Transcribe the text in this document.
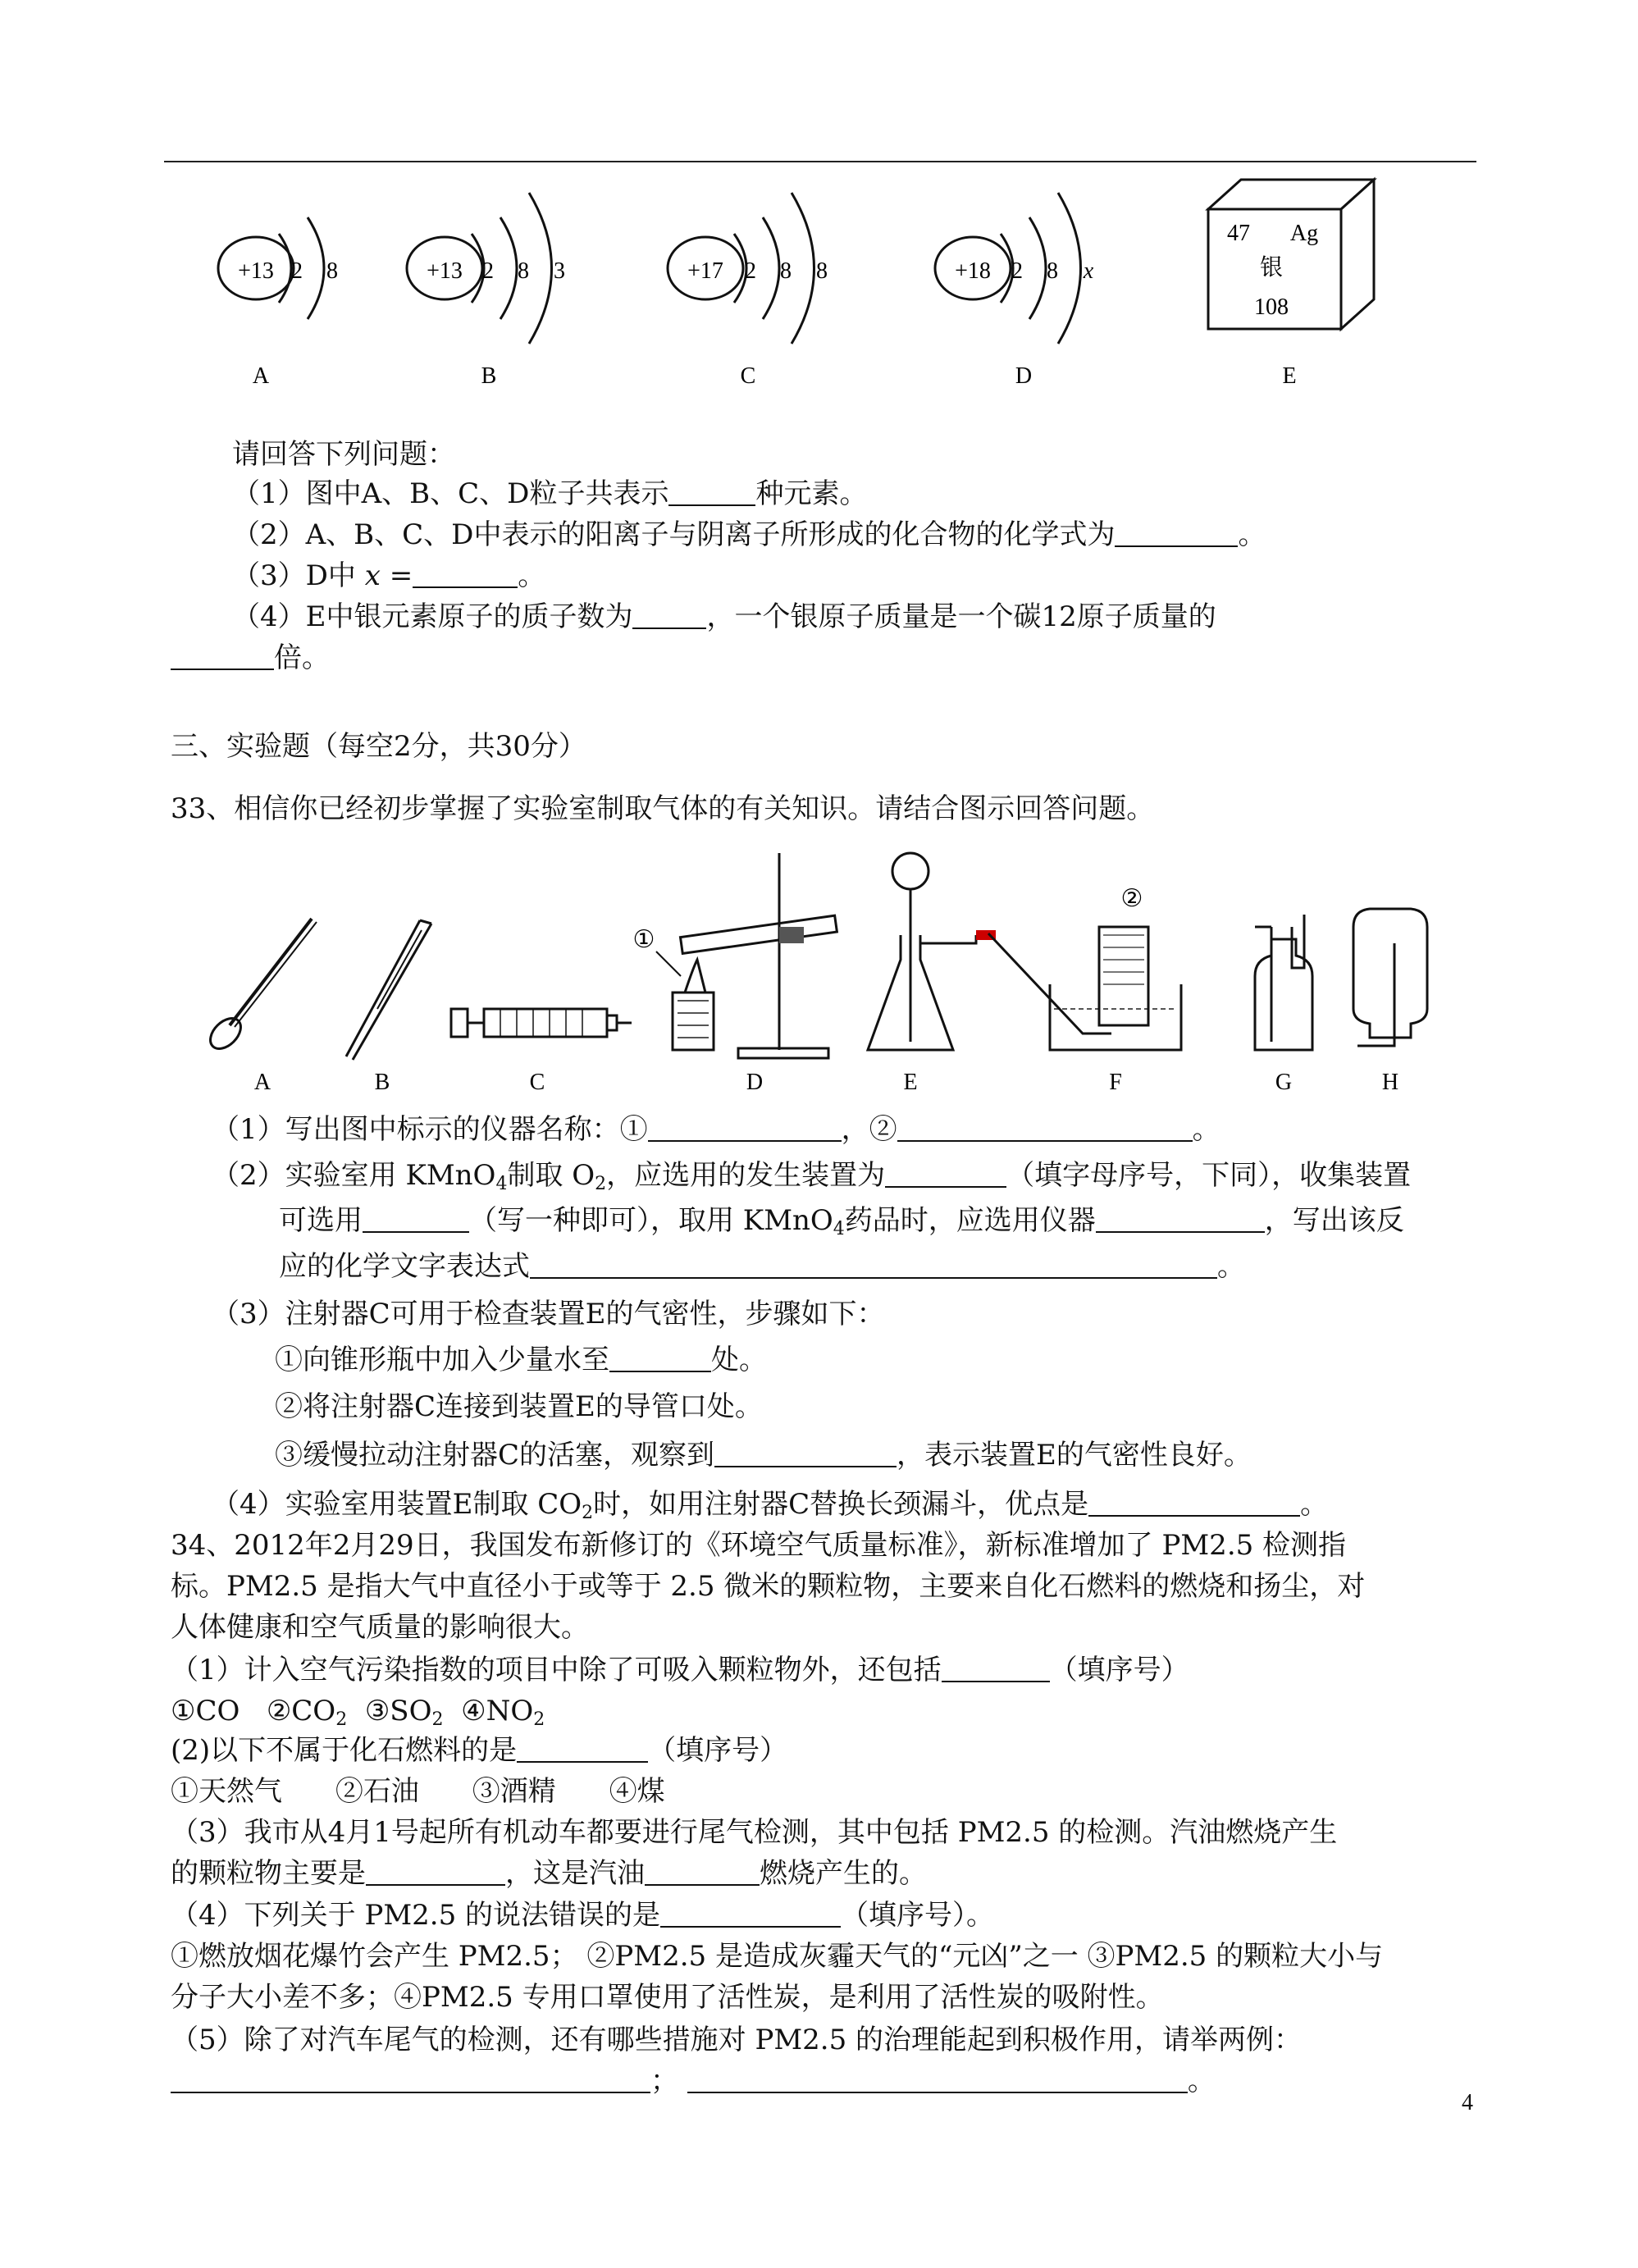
+13 2 8
A
+13 2 8 3
B
+17 2 8 8
C
+18 2 8 x
D
47 Ag
银
108
E
请回答下列问题：
（1）图中A、B、C、D粒子共表示	种元素。
（2）A、B、C、D中表示的阳离子与阴离子所形成的化合物的化学式为	。
（3）D中 x =	。
（4）E中银元素原子的质子数为	，一个银原子质量是一个碳12原子质量的
倍。
三、实验题（每空2分，共30分）
33、相信你已经初步掌握了实验室制取气体的有关知识。请结合图示回答问题。
A	B	C
①
D	E
②
F	G	H
（1）写出图中标示的仪器名称：①	，②	。
（2）实验室用 KMnO$_4$制取 $O_2$，应选用的发生装置为	（填字母序号，下同），收集装置
可选用	（写一种即可），取用 KMnO$_4$药品时，应选用仪器	，写出该反
应的化学文字表达式	。
（3）注射器C可用于检查装置E的气密性，步骤如下：
①向锥形瓶中加入少量水至	处。
②将注射器C连接到装置E的导管口处。
③缓慢拉动注射器C的活塞，观察到	，表示装置E的气密性良好。
（4）实验室用装置E制取 $CO_2$时，如用注射器C替换长颈漏斗，优点是	。
34、2012年2月29日，我国发布新修订的《环境空气质量标准》，新标准增加了 PM2.5 检测指
标。PM2.5 是指大气中直径小于或等于 2.5 微米的颗粒物，主要来自化石燃料的燃烧和扬尘，对
人体健康和空气质量的影响很大。
（1）计入空气污染指数的项目中除了可吸入颗粒物外，还包括	（填序号）
①CO $②CO_2$ $③SO_2$ $④NO_2$
(2)以下不属于化石燃料的是	（填序号）
①天然气 ②石油 ③酒精 ④煤
（3）我市从4月1号起所有机动车都要进行尾气检测，其中包括 PM2.5 的检测。汽油燃烧产生
的颗粒物主要是	，这是汽油	燃烧产生的。
（4）下列关于 PM2.5 的说法错误的是	（填序号）。
①燃放烟花爆竹会产生 PM2.5； ②PM2.5 是造成灰霾天气的“元凶”之一 ③PM2.5 的颗粒大小与
分子大小差不多；④PM2.5 专用口罩使用了活性炭，是利用了活性炭的吸附性。
（5）除了对汽车尾气的检测，还有哪些措施对 PM2.5 的治理能起到积极作用，请举两例：
；	。
4
